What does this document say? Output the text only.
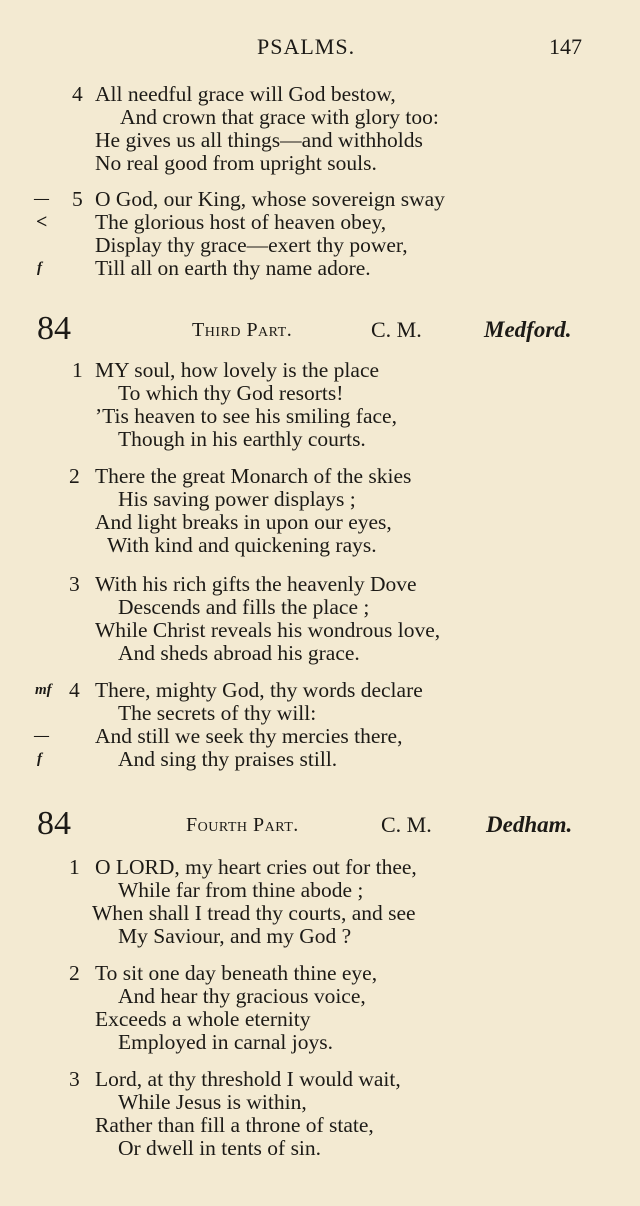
PSALMS.	147
4 All needful grace will God bestow,
And crown that grace with glory too:
He gives us all things—and withholds
No real good from upright souls.
—
<
f
5 O God, our King, whose sovereign sway
The glorious host of heaven obey,
Display thy grace—exert thy power,
Till all on earth thy name adore.
84	Third Part.	C. M.	Medford.
1 MY soul, how lovely is the place
To which thy God resorts!
’Tis heaven to see his smiling face,
Though in his earthly courts.
2 There the great Monarch of the skies
His saving power displays ;
And light breaks in upon our eyes,
With kind and quickening rays.
3 With his rich gifts the heavenly Dove
Descends and fills the place ;
While Christ reveals his wondrous love,
And sheds abroad his grace.
mf
—
f
4 There, mighty God, thy words declare
The secrets of thy will:
And still we seek thy mercies there,
And sing thy praises still.
84	Fourth Part.	C. M. Dedham.
1 O LORD, my heart cries out for thee,
While far from thine abode ;
When shall I tread thy courts, and see
My Saviour, and my God ?
2 To sit one day beneath thine eye,
And hear thy gracious voice,
Exceeds a whole eternity
Employed in carnal joys.
3 Lord, at thy threshold I would wait,
While Jesus is within,
Rather than fill a throne of state,
Or dwell in tents of sin.
